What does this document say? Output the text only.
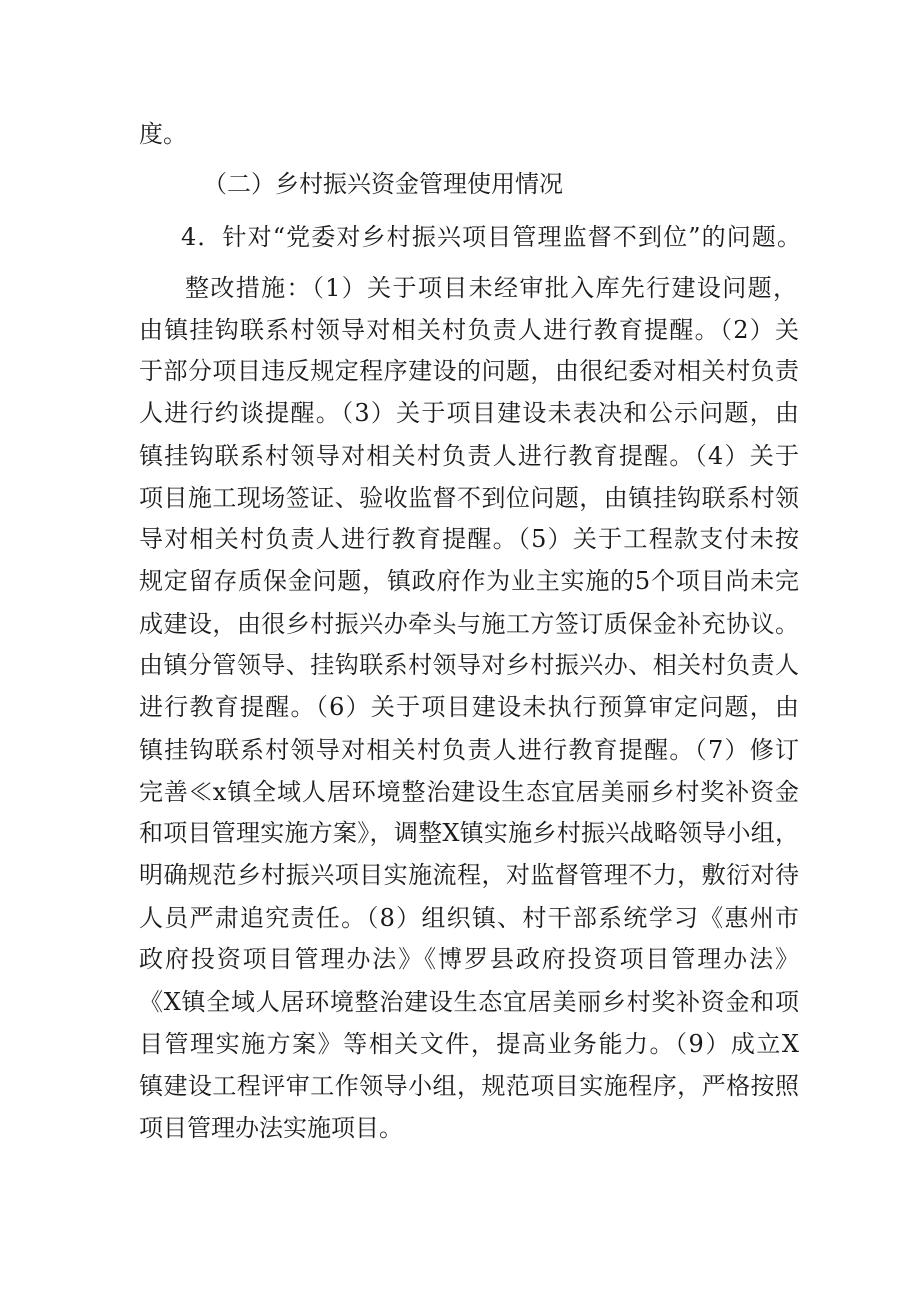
度。
（二）乡村振兴资金管理使用情况
4．针对“党委对乡村振兴项目管理监督不到位”的问题。
整改措施：（1）关于项目未经审批入库先行建设问题，
由镇挂钩联系村领导对相关村负责人进行教育提醒。（2）关
于部分项目违反规定程序建设的问题，由很纪委对相关村负责
人进行约谈提醒。（3）关于项目建设未表决和公示问题，由
镇挂钩联系村领导对相关村负责人进行教育提醒。（4）关于
项目施工现场签证、验收监督不到位问题，由镇挂钩联系村领
导对相关村负责人进行教育提醒。（5）关于工程款支付未按
规定留存质保金问题，镇政府作为业主实施的5个项目尚未完
成建设，由很乡村振兴办牵头与施工方签订质保金补充协议。
由镇分管领导、挂钩联系村领导对乡村振兴办、相关村负责人
进行教育提醒。（6）关于项目建设未执行预算审定问题，由
镇挂钩联系村领导对相关村负责人进行教育提醒。（7）修订
完善≪x镇全域人居环境整治建设生态宜居美丽乡村奖补资金
和项目管理实施方案》，调整X镇实施乡村振兴战略领导小组，
明确规范乡村振兴项目实施流程，对监督管理不力，敷衍对待
人员严肃追究责任。（8）组织镇、村干部系统学习《惠州市
政府投资项目管理办法》《博罗县政府投资项目管理办法》
《X镇全域人居环境整治建设生态宜居美丽乡村奖补资金和项
目管理实施方案》等相关文件，提高业务能力。（9）成立X
镇建设工程评审工作领导小组，规范项目实施程序，严格按照
项目管理办法实施项目。
